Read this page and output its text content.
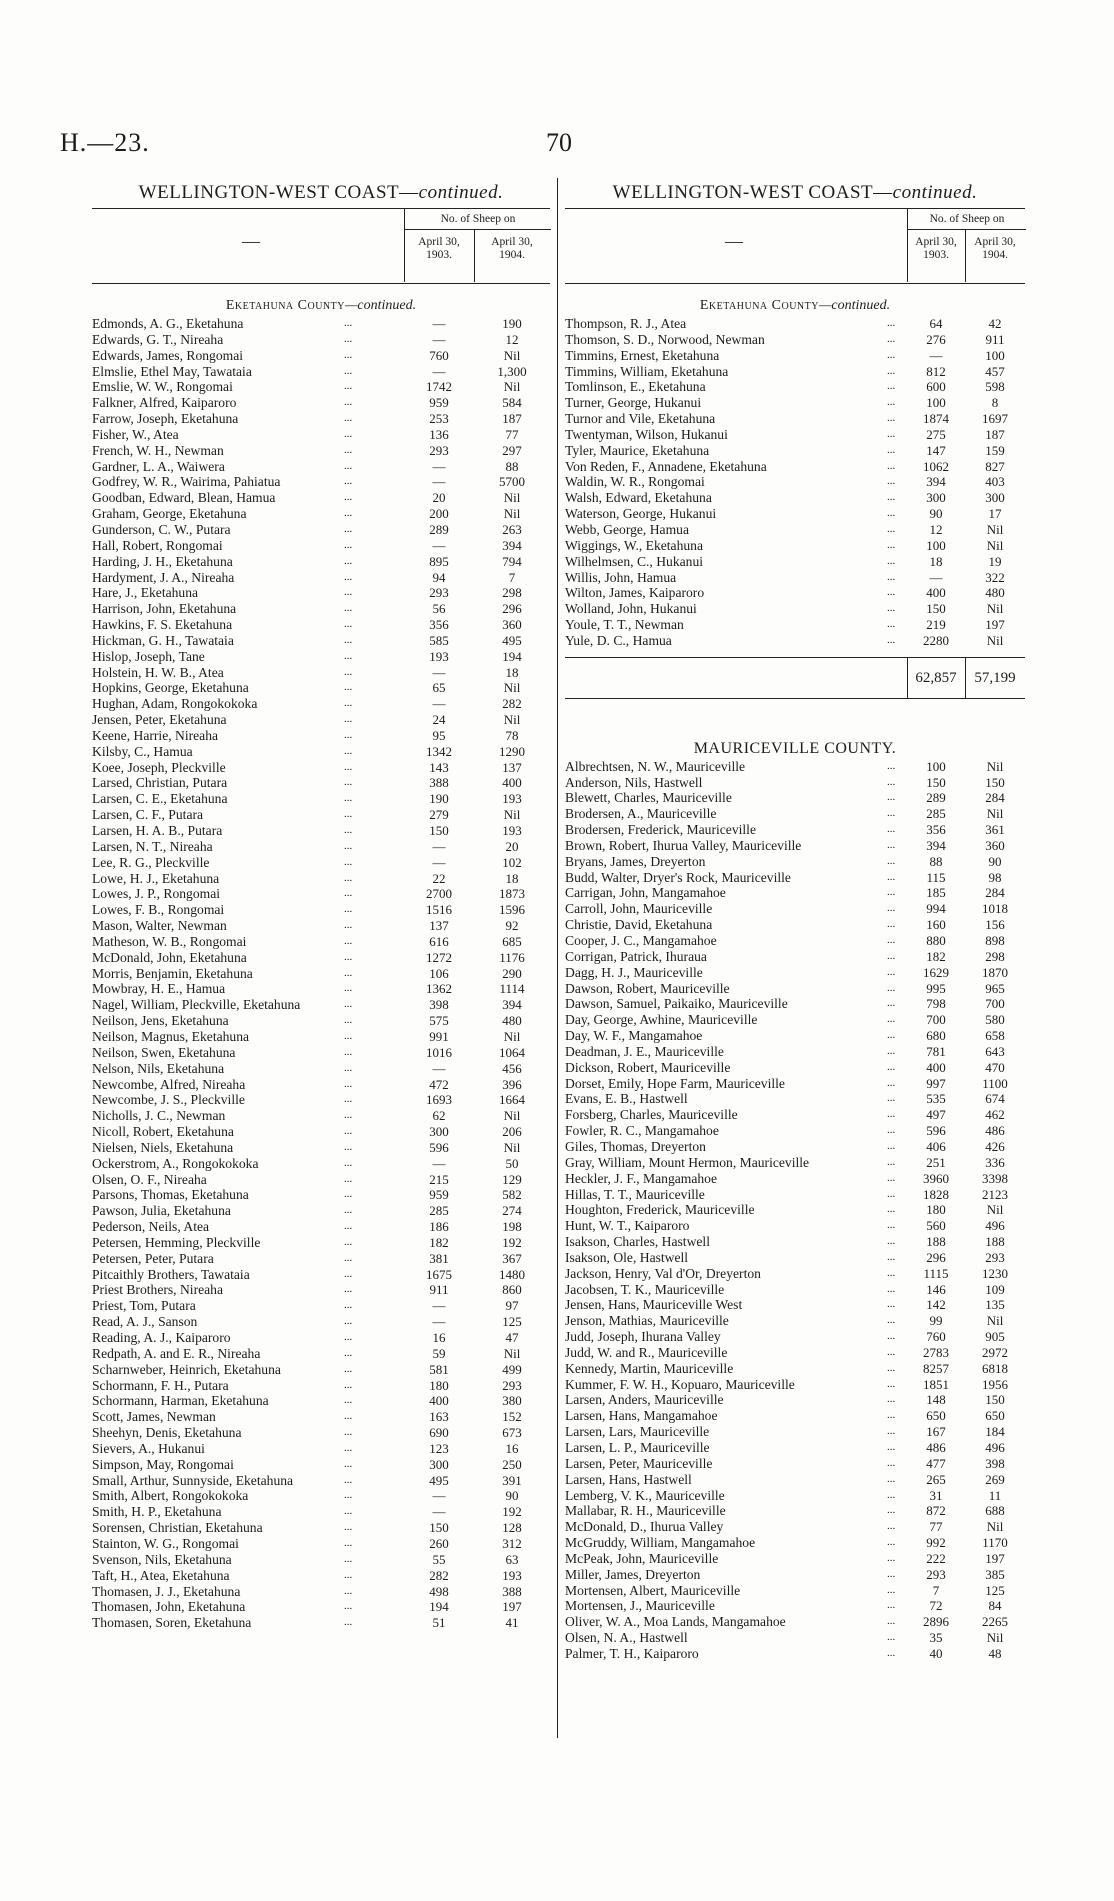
H.—23.	70
WELLINGTON-WEST COAST—continued.
—
No. of Sheep on
April 30,
1903.
April 30,
1904.
Eketahuna County—continued.
Edmonds, A. G., Eketahuna	...	—	190
Edwards, G. T., Nireaha	...	—	12
Edwards, James, Rongomai	...	760	Nil
Elmslie, Ethel May, Tawataia	...	—	1,300
Emslie, W. W., Rongomai	...	1742	Nil
Falkner, Alfred, Kaiparoro	...	959	584
Farrow, Joseph, Eketahuna	...	253	187
Fisher, W., Atea	...	136	77
French, W. H., Newman	...	293	297
Gardner, L. A., Waiwera	...	—	88
Godfrey, W. R., Wairima, Pahiatua	...	—	5700
Goodban, Edward, Blean, Hamua	...	20	Nil
Graham, George, Eketahuna	...	200	Nil
Gunderson, C. W., Putara	...	289	263
Hall, Robert, Rongomai	...	—	394
Harding, J. H., Eketahuna	...	895	794
Hardyment, J. A., Nireaha	...	94	7
Hare, J., Eketahuna	...	293	298
Harrison, John, Eketahuna	...	56	296
Hawkins, F. S. Eketahuna	...	356	360
Hickman, G. H., Tawataia	...	585	495
Hislop, Joseph, Tane	...	193	194
Holstein, H. W. B., Atea	...	—	18
Hopkins, George, Eketahuna	...	65	Nil
Hughan, Adam, Rongokokoka	...	—	282
Jensen, Peter, Eketahuna	...	24	Nil
Keene, Harrie, Nireaha	...	95	78
Kilsby, C., Hamua	...	1342	1290
Koee, Joseph, Pleckville	...	143	137
Larsed, Christian, Putara	...	388	400
Larsen, C. E., Eketahuna	...	190	193
Larsen, C. F., Putara	...	279	Nil
Larsen, H. A. B., Putara	...	150	193
Larsen, N. T., Nireaha	...	—	20
Lee, R. G., Pleckville	...	—	102
Lowe, H. J., Eketahuna	...	22	18
Lowes, J. P., Rongomai	...	2700	1873
Lowes, F. B., Rongomai	...	1516	1596
Mason, Walter, Newman	...	137	92
Matheson, W. B., Rongomai	...	616	685
McDonald, John, Eketahuna	...	1272	1176
Morris, Benjamin, Eketahuna	...	106	290
Mowbray, H. E., Hamua	...	1362	1114
Nagel, William, Pleckville, Eketahuna	...	398	394
Neilson, Jens, Eketahuna	...	575	480
Neilson, Magnus, Eketahuna	...	991	Nil
Neilson, Swen, Eketahuna	...	1016	1064
Nelson, Nils, Eketahuna	...	—	456
Newcombe, Alfred, Nireaha	...	472	396
Newcombe, J. S., Pleckville	...	1693	1664
Nicholls, J. C., Newman	...	62	Nil
Nicoll, Robert, Eketahuna	...	300	206
Nielsen, Niels, Eketahuna	...	596	Nil
Ockerstrom, A., Rongokokoka	...	—	50
Olsen, O. F., Nireaha	...	215	129
Parsons, Thomas, Eketahuna	...	959	582
Pawson, Julia, Eketahuna	...	285	274
Pederson, Neils, Atea	...	186	198
Petersen, Hemming, Pleckville	...	182	192
Petersen, Peter, Putara	...	381	367
Pitcaithly Brothers, Tawataia	...	1675	1480
Priest Brothers, Nireaha	...	911	860
Priest, Tom, Putara	...	—	97
Read, A. J., Sanson	...	—	125
Reading, A. J., Kaiparoro	...	16	47
Redpath, A. and E. R., Nireaha	...	59	Nil
Scharnweber, Heinrich, Eketahuna	...	581	499
Schormann, F. H., Putara	...	180	293
Schormann, Harman, Eketahuna	...	400	380
Scott, James, Newman	...	163	152
Sheehyn, Denis, Eketahuna	...	690	673
Sievers, A., Hukanui	...	123	16
Simpson, May, Rongomai	...	300	250
Small, Arthur, Sunnyside, Eketahuna	...	495	391
Smith, Albert, Rongokokoka	...	—	90
Smith, H. P., Eketahuna	...	—	192
Sorensen, Christian, Eketahuna	...	150	128
Stainton, W. G., Rongomai	...	260	312
Svenson, Nils, Eketahuna	...	55	63
Taft, H., Atea, Eketahuna	...	282	193
Thomasen, J. J., Eketahuna	...	498	388
Thomasen, John, Eketahuna	...	194	197
Thomasen, Soren, Eketahuna	...	51	41
WELLINGTON-WEST COAST—continued.
—
No. of Sheep on
April 30,
1903.
April 30,
1904.
Eketahuna County—continued.
Thompson, R. J., Atea	...	64	42
Thomson, S. D., Norwood, Newman	...	276	911
Timmins, Ernest, Eketahuna	...	—	100
Timmins, William, Eketahuna	...	812	457
Tomlinson, E., Eketahuna	...	600	598
Turner, George, Hukanui	...	100	8
Turnor and Vile, Eketahuna	...	1874	1697
Twentyman, Wilson, Hukanui	...	275	187
Tyler, Maurice, Eketahuna	...	147	159
Von Reden, F., Annadene, Eketahuna	...	1062	827
Waldin, W. R., Rongomai	...	394	403
Walsh, Edward, Eketahuna	...	300	300
Waterson, George, Hukanui	...	90	17
Webb, George, Hamua	...	12	Nil
Wiggings, W., Eketahuna	...	100	Nil
Wilhelmsen, C., Hukanui	...	18	19
Willis, John, Hamua	...	—	322
Wilton, James, Kaiparoro	...	400	480
Wolland, John, Hukanui	...	150	Nil
Youle, T. T., Newman	...	219	197
Yule, D. C., Hamua	...	2280	Nil
62,857	57,199
MAURICEVILLE COUNTY.
Albrechtsen, N. W., Mauriceville	...	100	Nil
Anderson, Nils, Hastwell	...	150	150
Blewett, Charles, Mauriceville	...	289	284
Brodersen, A., Mauriceville	...	285	Nil
Brodersen, Frederick, Mauriceville	...	356	361
Brown, Robert, Ihurua Valley, Mauriceville	...	394	360
Bryans, James, Dreyerton	...	88	90
Budd, Walter, Dryer's Rock, Mauriceville	...	115	98
Carrigan, John, Mangamahoe	...	185	284
Carroll, John, Mauriceville	...	994	1018
Christie, David, Eketahuna	...	160	156
Cooper, J. C., Mangamahoe	...	880	898
Corrigan, Patrick, Ihuraua	...	182	298
Dagg, H. J., Mauriceville	...	1629	1870
Dawson, Robert, Mauriceville	...	995	965
Dawson, Samuel, Paikaiko, Mauriceville	...	798	700
Day, George, Awhine, Mauriceville	...	700	580
Day, W. F., Mangamahoe	...	680	658
Deadman, J. E., Mauriceville	...	781	643
Dickson, Robert, Mauriceville	...	400	470
Dorset, Emily, Hope Farm, Mauriceville	...	997	1100
Evans, E. B., Hastwell	...	535	674
Forsberg, Charles, Mauriceville	...	497	462
Fowler, R. C., Mangamahoe	...	596	486
Giles, Thomas, Dreyerton	...	406	426
Gray, William, Mount Hermon, Mauriceville	...	251	336
Heckler, J. F., Mangamahoe	...	3960	3398
Hillas, T. T., Mauriceville	...	1828	2123
Houghton, Frederick, Mauriceville	...	180	Nil
Hunt, W. T., Kaiparoro	...	560	496
Isakson, Charles, Hastwell	...	188	188
Isakson, Ole, Hastwell	...	296	293
Jackson, Henry, Val d'Or, Dreyerton	...	1115	1230
Jacobsen, T. K., Mauriceville	...	146	109
Jensen, Hans, Mauriceville West	...	142	135
Jenson, Mathias, Mauriceville	...	99	Nil
Judd, Joseph, Ihurana Valley	...	760	905
Judd, W. and R., Mauriceville	...	2783	2972
Kennedy, Martin, Mauriceville	...	8257	6818
Kummer, F. W. H., Kopuaro, Mauriceville	...	1851	1956
Larsen, Anders, Mauriceville	...	148	150
Larsen, Hans, Mangamahoe	...	650	650
Larsen, Lars, Mauriceville	...	167	184
Larsen, L. P., Mauriceville	...	486	496
Larsen, Peter, Mauriceville	...	477	398
Larsen, Hans, Hastwell	...	265	269
Lemberg, V. K., Mauriceville	...	31	11
Mallabar, R. H., Mauriceville	...	872	688
McDonald, D., Ihurua Valley	...	77	Nil
McGruddy, William, Mangamahoe	...	992	1170
McPeak, John, Mauriceville	...	222	197
Miller, James, Dreyerton	...	293	385
Mortensen, Albert, Mauriceville	...	7	125
Mortensen, J., Mauriceville	...	72	84
Oliver, W. A., Moa Lands, Mangamahoe	...	2896	2265
Olsen, N. A., Hastwell	...	35	Nil
Palmer, T. H., Kaiparoro	...	40	48
